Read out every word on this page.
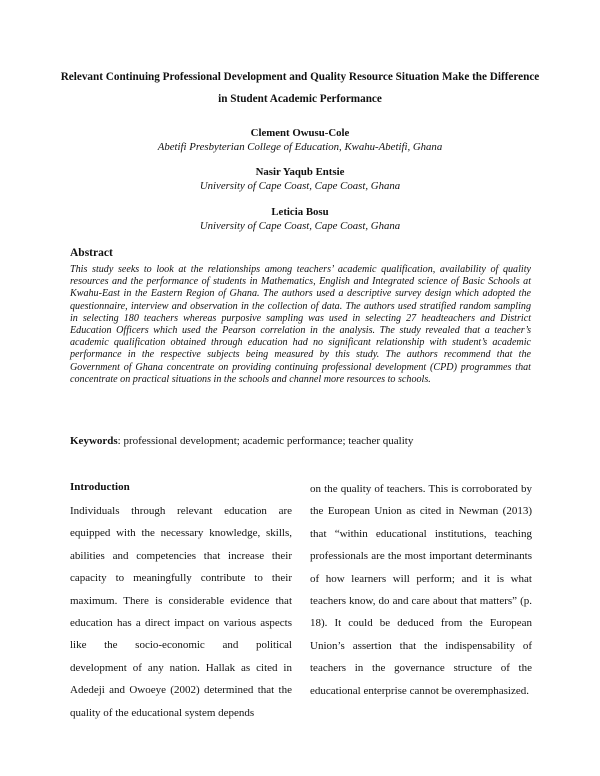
Relevant Continuing Professional Development and Quality Resource Situation Make the Difference in Student Academic Performance
Clement Owusu-Cole
Abetifi Presbyterian College of Education, Kwahu-Abetifi, Ghana
Nasir Yaqub Entsie
University of Cape Coast, Cape Coast, Ghana
Leticia Bosu
University of Cape Coast, Cape Coast, Ghana
Abstract
This study seeks to look at the relationships among teachers’ academic qualification, availability of quality resources and the performance of students in Mathematics, English and Integrated science of Basic Schools at Kwahu-East in the Eastern Region of Ghana. The authors used a descriptive survey design which adopted the questionnaire, interview and observation in the collection of data. The authors used stratified random sampling in selecting 180 teachers whereas purposive sampling was used in selecting 27 headteachers and District Education Officers which used the Pearson correlation in the analysis. The study revealed that a teacher’s academic qualification obtained through education had no significant relationship with student’s academic performance in the respective subjects being measured by this study. The authors recommend that the Government of Ghana concentrate on providing continuing professional development (CPD) programmes that concentrate on practical situations in the schools and channel more resources to schools.
Keywords: professional development; academic performance; teacher quality
Introduction
Individuals through relevant education are equipped with the necessary knowledge, skills, abilities and competencies that increase their capacity to meaningfully contribute to their maximum. There is considerable evidence that education has a direct impact on various aspects like the socio-economic and political development of any nation. Hallak as cited in Adedeji and Owoeye (2002) determined that the quality of the educational system depends
on the quality of teachers. This is corroborated by the European Union as cited in Newman (2013) that “within educational institutions, teaching professionals are the most important determinants of how learners will perform; and it is what teachers know, do and care about that matters” (p. 18). It could be deduced from the European Union’s assertion that the indispensability of teachers in the governance structure of the educational enterprise cannot be overemphasized.
